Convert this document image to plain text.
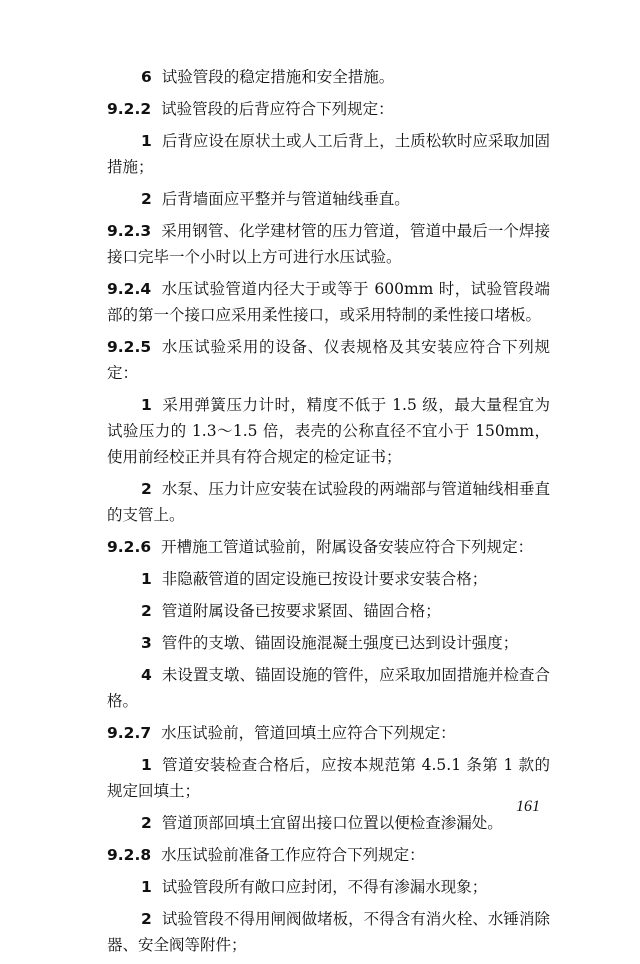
6 试验管段的稳定措施和安全措施。

9.2.2 试验管段的后背应符合下列规定：

1 后背应设在原状土或人工后背上，土质松软时应采取加固措施；

2 后背墙面应平整并与管道轴线垂直。

9.2.3 采用钢管、化学建材管的压力管道，管道中最后一个焊接接口完毕一个小时以上方可进行水压试验。

9.2.4 水压试验管道内径大于或等于 600mm 时，试验管段端部的第一个接口应采用柔性接口，或采用特制的柔性接口堵板。

9.2.5 水压试验采用的设备、仪表规格及其安装应符合下列规定：

1 采用弹簧压力计时，精度不低于 1.5 级，最大量程宜为试验压力的 1.3～1.5 倍，表壳的公称直径不宜小于 150mm，使用前经校正并具有符合规定的检定证书；

2 水泵、压力计应安装在试验段的两端部与管道轴线相垂直的支管上。

9.2.6 开槽施工管道试验前，附属设备安装应符合下列规定：

1 非隐蔽管道的固定设施已按设计要求安装合格；

2 管道附属设备已按要求紧固、锚固合格；

3 管件的支墩、锚固设施混凝土强度已达到设计强度；

4 未设置支墩、锚固设施的管件，应采取加固措施并检查合格。

9.2.7 水压试验前，管道回填土应符合下列规定：

1 管道安装检查合格后，应按本规范第 4.5.1 条第 1 款的规定回填土；

2 管道顶部回填土宜留出接口位置以便检查渗漏处。

9.2.8 水压试验前准备工作应符合下列规定：

1 试验管段所有敞口应封闭，不得有渗漏水现象；

2 试验管段不得用闸阀做堵板，不得含有消火栓、水锤消除器、安全阀等附件；

161
